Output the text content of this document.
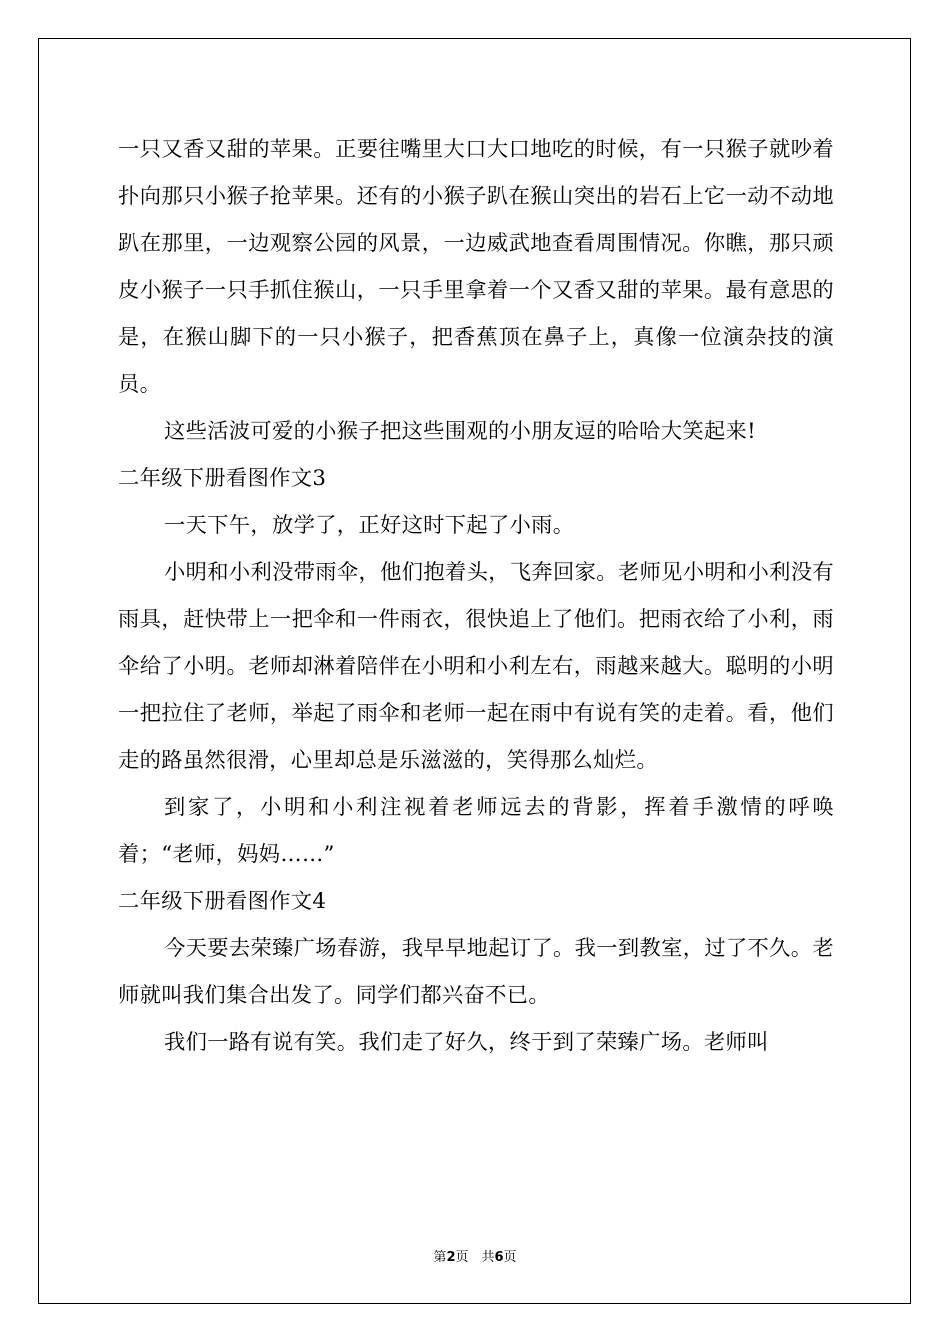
一只又香又甜的苹果。正要往嘴里大口大口地吃的时候，有一只猴子就吵着扑向那只小猴子抢苹果。还有的小猴子趴在猴山突出的岩石上它一动不动地趴在那里，一边观察公园的风景，一边威武地查看周围情况。你瞧，那只顽皮小猴子一只手抓住猴山，一只手里拿着一个又香又甜的苹果。最有意思的是，在猴山脚下的一只小猴子，把香蕉顶在鼻子上，真像一位演杂技的演员。

这些活波可爱的小猴子把这些围观的小朋友逗的哈哈大笑起来!

二年级下册看图作文3

一天下午，放学了，正好这时下起了小雨。

小明和小利没带雨伞，他们抱着头，飞奔回家。老师见小明和小利没有雨具，赶快带上一把伞和一件雨衣，很快追上了他们。把雨衣给了小利，雨伞给了小明。老师却淋着陪伴在小明和小利左右，雨越来越大。聪明的小明一把拉住了老师，举起了雨伞和老师一起在雨中有说有笑的走着。看，他们走的路虽然很滑，心里却总是乐滋滋的，笑得那么灿烂。

到家了，小明和小利注视着老师远去的背影，挥着手激情的呼唤着；“老师，妈妈……”

二年级下册看图作文4

今天要去荣臻广场春游，我早早地起订了。我一到教室，过了不久。老师就叫我们集合出发了。同学们都兴奋不已。

我们一路有说有笑。我们走了好久，终于到了荣臻广场。老师叫

第2页　共6页
